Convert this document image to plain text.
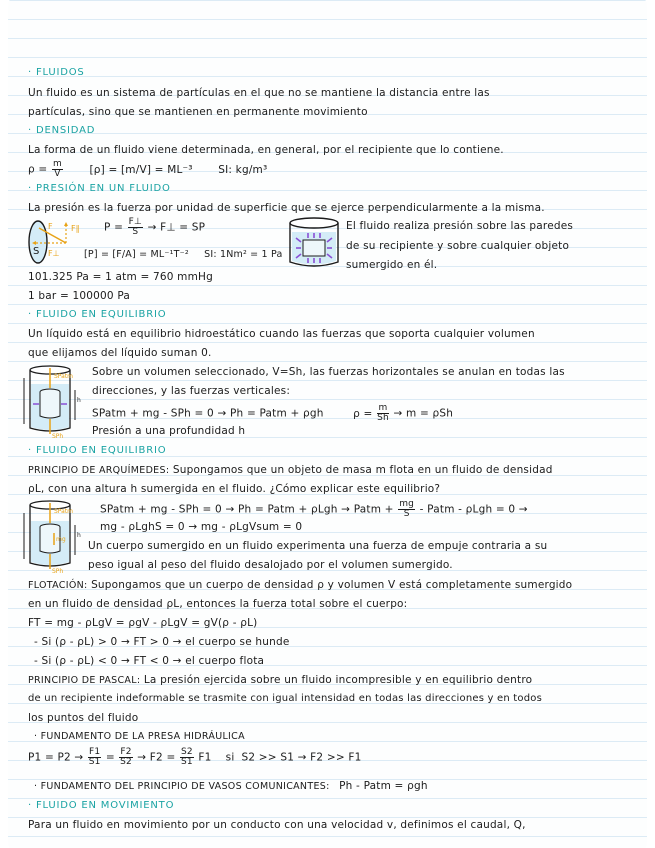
· FLUIDOS
Un fluido es un sistema de partículas en el que no se mantiene la distancia entre las
partículas, sino que se mantienen en permanente movimiento
· DENSIDAD
La forma de un fluido viene determinada, en general, por el recipiente que lo contiene.
$\rho = \frac{m}{V}$	[ρ] = [m/V] = ML⁻³ SI: kg/m³
· PRESIÓN EN UN FLUIDO
La presión es la fuerza por unidad de superficie que se ejerce perpendicularmente a la misma.
S
F F∥
F⊥
$P = \frac{F\perp}{S}$ → F⊥ = SP
[P] = [F/A] = ML⁻¹T⁻² SI: 1Nm² = 1 Pa
El fluido realiza presión sobre las paredes
de su recipiente y sobre cualquier objeto
sumergido en él.
101.325 Pa = 1 atm = 760 mmHg
1 bar = 100000 Pa
· FLUIDO EN EQUILIBRIO
Un líquido está en equilibrio hidroestático cuando las fuerzas que soporta cualquier volumen
que elijamos del líquido suman 0.
SPatm
SPh
h
Sobre un volumen seleccionado, V=Sh, las fuerzas horizontales se anulan en todas las
direcciones, y las fuerzas verticales:
SPatm + mg - SPh = 0 → Ph = Patm + ρgh	$\rho = \frac{m}{Sh} \to m = \rho Sh$
Presión a una profundidad h
· FLUIDO EN EQUILIBRIO
PRINCIPIO DE ARQUÍMEDES: Supongamos que un objeto de masa m flota en un fluido de densidad
ρL, con una altura h sumergida en el fluido. ¿Cómo explicar este equilibrio?
SPatm
mg
SPh
h
SPatm + mg - SPh = 0 → Ph = Patm + ρLgh → Patm + $\frac{mg}{S}$ - Patm - ρLgh = 0 →
mg - ρLghS = 0 → mg - ρLgVsum = 0
Un cuerpo sumergido en un fluido experimenta una fuerza de empuje contraria a su
peso igual al peso del fluido desalojado por el volumen sumergido.
FLOTACIÓN: Supongamos que un cuerpo de densidad ρ y volumen V está completamente sumergido
en un fluido de densidad ρL, entonces la fuerza total sobre el cuerpo:
FT = mg - ρLgV = ρgV - ρLgV = gV(ρ - ρL)
- Si (ρ - ρL) > 0 → FT > 0 → el cuerpo se hunde
- Si (ρ - ρL) < 0 → FT < 0 → el cuerpo flota
PRINCIPIO DE PASCAL: La presión ejercida sobre un fluido incompresible y en equilibrio dentro
de un recipiente indeformable se trasmite con igual intensidad en todas las direcciones y en todos
los puntos del fluido
· FUNDAMENTO DE LA PRESA HIDRÁULICA
$P1 = P2 \to \frac{F1}{S1} = \frac{F2}{S2} \to F2 = \frac{S2}{S1} F1$    si  S2 >> S1 → F2 >> F1
· FUNDAMENTO DEL PRINCIPIO DE VASOS COMUNICANTES: Ph - Patm = ρgh
· FLUIDO EN MOVIMIENTO
Para un fluido en movimiento por un conducto con una velocidad v, definimos el caudal, Q,
